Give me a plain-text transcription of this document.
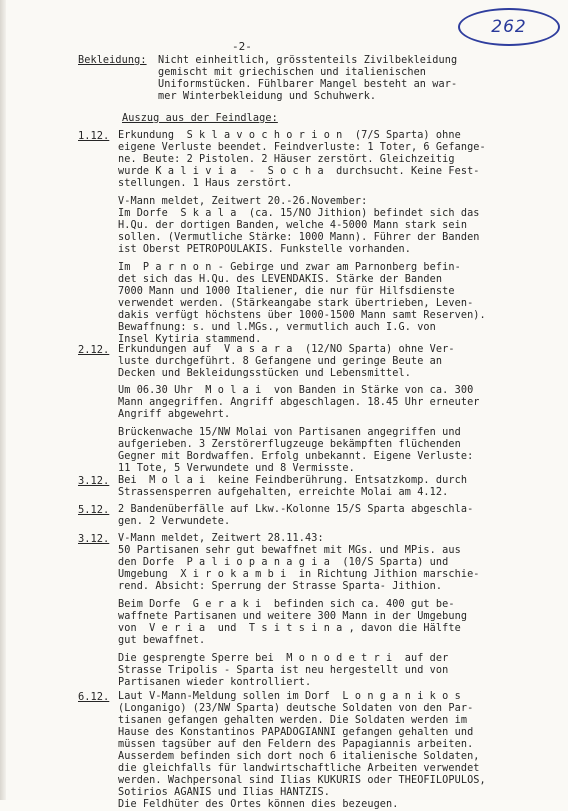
262
-2-
Bekleidung: Nicht einheitlich, grösstenteils Zivilbekleidung
gemischt mit griechischen und italienischen
Uniformstücken. Fühlbarer Mangel besteht an war-
mer Winterbekleidung und Schuhwerk.
Auszug aus der Feindlage:
1.12. Erkundung  S k l a v o c h o r i o n  (7/S Sparta) ohne
eigene Verluste beendet. Feindverluste: 1 Toter, 6 Gefange-
ne. Beute: 2 Pistolen. 2 Häuser zerstört. Gleichzeitig
wurde K a l i v i a  -  S o c h a  durchsucht. Keine Fest-
stellungen. 1 Haus zerstört.
V-Mann meldet, Zeitwert 20.-26.November:
Im Dorfe  S k a l a  (ca. 15/NO Jithion) befindet sich das
H.Qu. der dortigen Banden, welche 4-5000 Mann stark sein
sollen. (Vermutliche Stärke: 1000 Mann). Führer der Banden
ist Oberst PETROPOULAKIS. Funkstelle vorhanden.
Im  P a r n o n - Gebirge und zwar am Parnonberg befin-
det sich das H.Qu. des LEVENDAKIS. Stärke der Banden
7000 Mann und 1000 Italiener, die nur für Hilfsdienste
verwendet werden. (Stärkeangabe stark übertrieben, Leven-
dakis verfügt höchstens über 1000-1500 Mann samt Reserven).
Bewaffnung: s. und l.MGs., vermutlich auch I.G. von
Insel Kytiria stammend.
2.12. Erkundungen auf  V a s a r a  (12/NO Sparta) ohne Ver-
luste durchgeführt. 8 Gefangene und geringe Beute an
Decken und Bekleidungsstücken und Lebensmittel.
Um 06.30 Uhr  M o l a i  von Banden in Stärke von ca. 300
Mann angegriffen. Angriff abgeschlagen. 18.45 Uhr erneuter
Angriff abgewehrt.
Brückenwache 15/NW Molai von Partisanen angegriffen und
aufgerieben. 3 Zerstörerflugzeuge bekämpften flüchenden
Gegner mit Bordwaffen. Erfolg unbekannt. Eigene Verluste:
11 Tote, 5 Verwundete und 8 Vermisste.
3.12. Bei  M o l a i  keine Feindberührung. Entsatzkomp. durch
Strassensperren aufgehalten, erreichte Molai am 4.12.
5.12. 2 Bandenüberfälle auf Lkw.-Kolonne 15/S Sparta abgeschla-
gen. 2 Verwundete.
3.12. V-Mann meldet, Zeitwert 28.11.43:
50 Partisanen sehr gut bewaffnet mit MGs. und MPis. aus
den Dorfe  P a l i o p a n a g i a  (10/S Sparta) und
Umgebung  X i r o k a m b i  in Richtung Jithion marschie-
rend. Absicht: Sperrung der Strasse Sparta- Jithion.
Beim Dorfe  G e r a k i  befinden sich ca. 400 gut be-
waffnete Partisanen und weitere 300 Mann in der Umgebung
von  V e r i a  und  T s i t s i n a , davon die Hälfte
gut bewaffnet.
Die gesprengte Sperre bei  M o n o d e t r i  auf der
Strasse Tripolis - Sparta ist neu hergestellt und von
Partisanen wieder kontrolliert.
6.12. Laut V-Mann-Meldung sollen im Dorf  L o n g a n i k o s
(Longanigo) (23/NW Sparta) deutsche Soldaten von den Par-
tisanen gefangen gehalten werden. Die Soldaten werden im
Hause des Konstantinos PAPADOGIANNI gefangen gehalten und
müssen tagsüber auf den Feldern des Papagiannis arbeiten.
Ausserdem befinden sich dort noch 6 italienische Soldaten,
die gleichfalls für landwirtschaftliche Arbeiten verwendet
werden. Wachpersonal sind Ilias KUKURIS oder THEOFILOPULOS,
Sotirios AGANIS und Ilias HANTZIS.
Die Feldhüter des Ortes können dies bezeugen.
